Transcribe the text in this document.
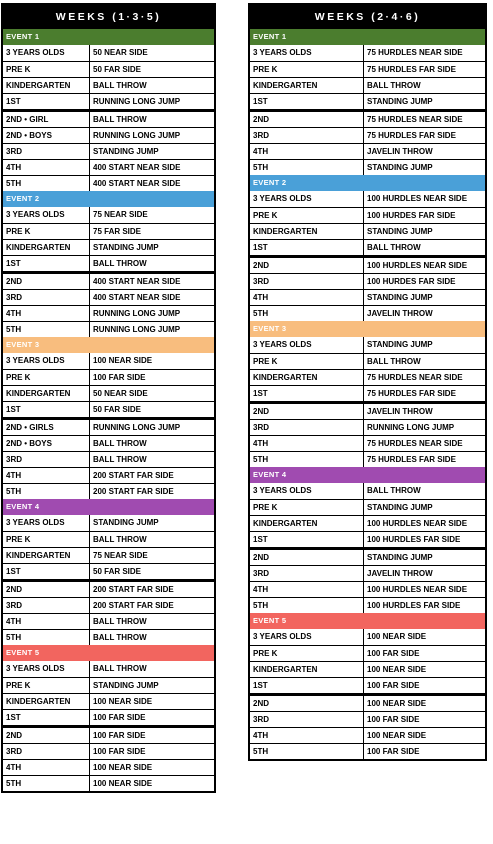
WEEKS (1·3·5)
EVENT 1
3 YEARS OLDS	50 NEAR SIDE
PRE K	50 FAR SIDE
KINDERGARTEN	BALL THROW
1ST	RUNNING LONG JUMP
2ND • GIRL	BALL THROW
2ND • BOYS	RUNNING LONG JUMP
3RD	STANDING JUMP
4TH	400 START NEAR SIDE
5TH	400 START NEAR SIDE
EVENT 2
3 YEARS OLDS	75 NEAR SIDE
PRE K	75 FAR SIDE
KINDERGARTEN	STANDING JUMP
1ST	BALL THROW
2ND	400 START NEAR SIDE
3RD	400 START NEAR SIDE
4TH	RUNNING LONG JUMP
5TH	RUNNING LONG JUMP
EVENT 3
3 YEARS OLDS	100 NEAR SIDE
PRE K	100 FAR SIDE
KINDERGARTEN	50 NEAR SIDE
1ST	50 FAR SIDE
2ND • GIRLS	RUNNING LONG JUMP
2ND • BOYS	BALL THROW
3RD	BALL THROW
4TH	200 START FAR SIDE
5TH	200 START FAR SIDE
EVENT 4
3 YEARS OLDS	STANDING JUMP
PRE K	BALL THROW
KINDERGARTEN	75 NEAR SIDE
1ST	50 FAR SIDE
2ND	200 START FAR SIDE
3RD	200 START FAR SIDE
4TH	BALL THROW
5TH	BALL THROW
EVENT 5
3 YEARS OLDS	BALL THROW
PRE K	STANDING JUMP
KINDERGARTEN	100 NEAR SIDE
1ST	100 FAR SIDE
2ND	100 FAR SIDE
3RD	100 FAR SIDE
4TH	100 NEAR SIDE
5TH	100 NEAR SIDE
WEEKS (2·4·6)
EVENT 1
3 YEARS OLDS	75 HURDLES NEAR SIDE
PRE K	75 HURDLES FAR SIDE
KINDERGARTEN	BALL THROW
1ST	STANDING JUMP
2ND	75 HURDLES NEAR SIDE
3RD	75 HURDLES FAR SIDE
4TH	JAVELIN THROW
5TH	STANDING JUMP
EVENT 2
3 YEARS OLDS	100 HURDLES NEAR SIDE
PRE K	100 HURDES FAR SIDE
KINDERGARTEN	STANDING JUMP
1ST	BALL THROW
2ND	100 HURDLES NEAR SIDE
3RD	100 HURDES FAR SIDE
4TH	STANDING JUMP
5TH	JAVELIN THROW
EVENT 3
3 YEARS OLDS	STANDING JUMP
PRE K	BALL THROW
KINDERGARTEN	75 HURDLES NEAR SIDE
1ST	75 HURDLES FAR SIDE
2ND	JAVELIN THROW
3RD	RUNNING LONG JUMP
4TH	75 HURDLES NEAR SIDE
5TH	75 HURDLES FAR SIDE
EVENT 4
3 YEARS OLDS	BALL THROW
PRE K	STANDING JUMP
KINDERGARTEN	100 HURDLES NEAR SIDE
1ST	100 HURDLES FAR SIDE
2ND	STANDING JUMP
3RD	JAVELIN THROW
4TH	100 HURDLES NEAR SIDE
5TH	100 HURDLES FAR SIDE
EVENT 5
3 YEARS OLDS	100 NEAR SIDE
PRE K	100 FAR SIDE
KINDERGARTEN	100 NEAR SIDE
1ST	100 FAR SIDE
2ND	100 NEAR SIDE
3RD	100 FAR SIDE
4TH	100 NEAR SIDE
5TH	100 FAR SIDE
